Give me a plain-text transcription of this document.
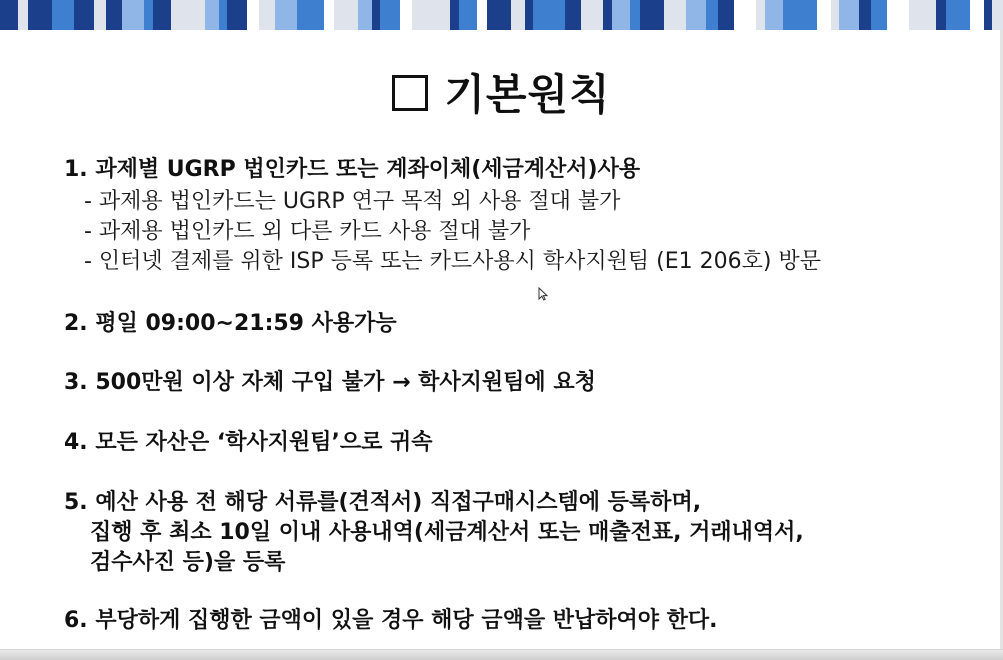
기본원칙
1. 과제별 UGRP 법인카드 또는 계좌이체(세금계산서)사용
- 과제용 법인카드는 UGRP 연구 목적 외 사용 절대 불가
- 과제용 법인카드 외 다른 카드 사용 절대 불가
- 인터넷 결제를 위한 ISP 등록 또는 카드사용시 학사지원팀 (E1 206호) 방문
2. 평일 09:00~21:59 사용가능
3. 500만원 이상 자체 구입 불가 → 학사지원팀에 요청
4. 모든 자산은 ‘학사지원팀’으로 귀속
5. 예산 사용 전 해당 서류를(견적서) 직접구매시스템에 등록하며,
집행 후 최소 10일 이내 사용내역(세금계산서 또는 매출전표, 거래내역서,
검수사진 등)을 등록
6. 부당하게 집행한 금액이 있을 경우 해당 금액을 반납하여야 한다.
